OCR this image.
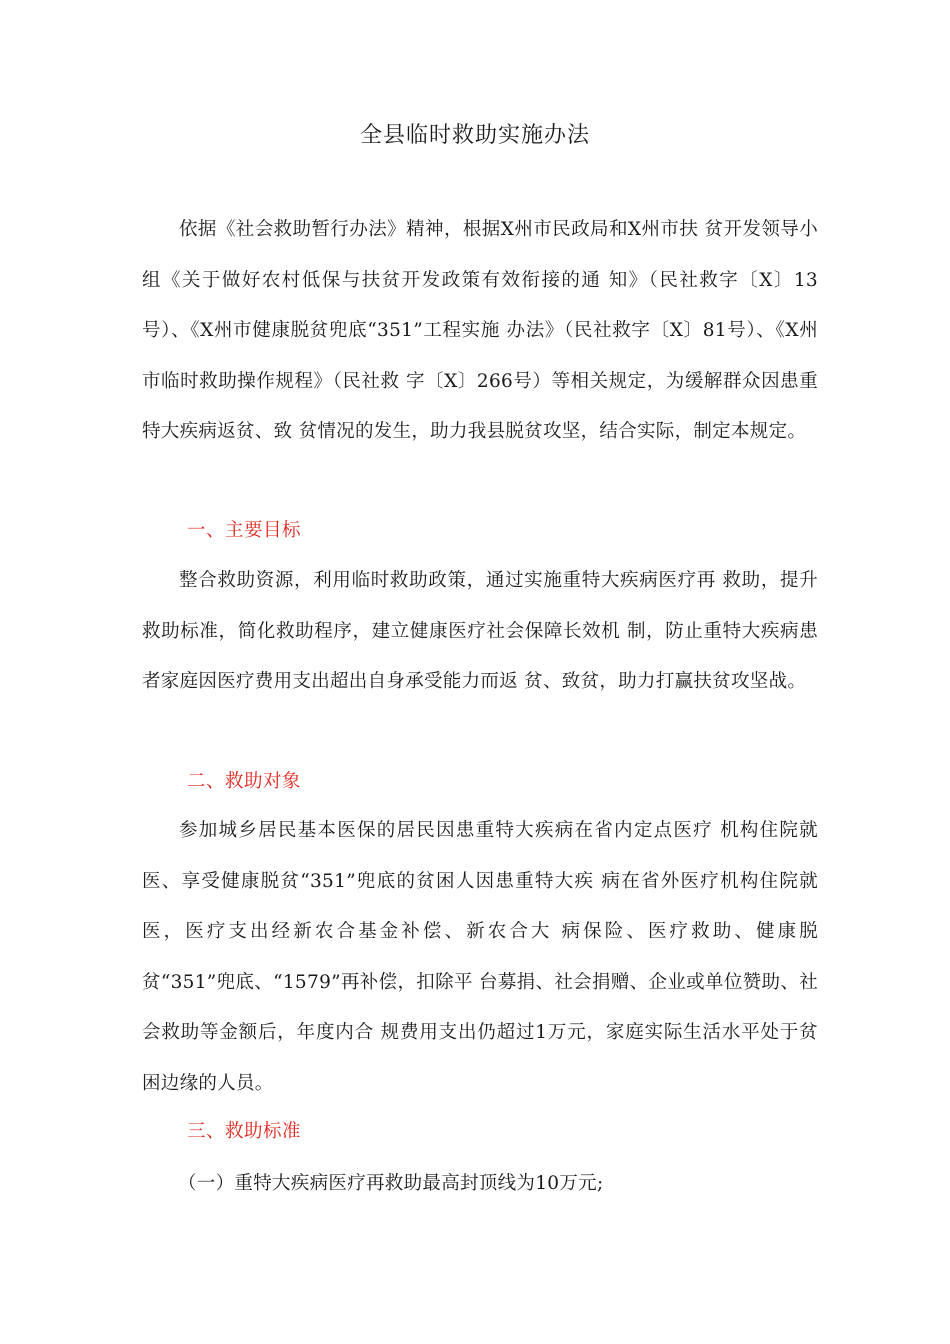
全县临时救助实施办法
依据《社会救助暂行办法》精神，根据X州市民政局和X州市扶 贫开发领导小组《关于做好农村低保与扶贫开发政策有效衔接的通 知》（民社救字〔X〕13号）、《X州市健康脱贫兜底“351”工程实施 办法》（民社救字〔X〕81号）、《X州市临时救助操作规程》（民社救 字〔X〕266号）等相关规定，为缓解群众因患重特大疾病返贫、致 贫情况的发生，助力我县脱贫攻坚，结合实际，制定本规定。
一、主要目标
整合救助资源，利用临时救助政策，通过实施重特大疾病医疗再 救助，提升救助标准，简化救助程序，建立健康医疗社会保障长效机 制，防止重特大疾病患者家庭因医疗费用支出超出自身承受能力而返 贫、致贫，助力打赢扶贫攻坚战。
二、救助对象
参加城乡居民基本医保的居民因患重特大疾病在省内定点医疗 机构住院就医、享受健康脱贫“351”兜底的贫困人因患重特大疾 病在省外医疗机构住院就医，医疗支出经新农合基金补偿、新农合大 病保险、医疗救助、健康脱贫“351”兜底、“1579”再补偿，扣除平 台募捐、社会捐赠、企业或单位赞助、社会救助等金额后，年度内合 规费用支出仍超过1万元，家庭实际生活水平处于贫困边缘的人员。
三、救助标准
（一）重特大疾病医疗再救助最高封顶线为10万元;
